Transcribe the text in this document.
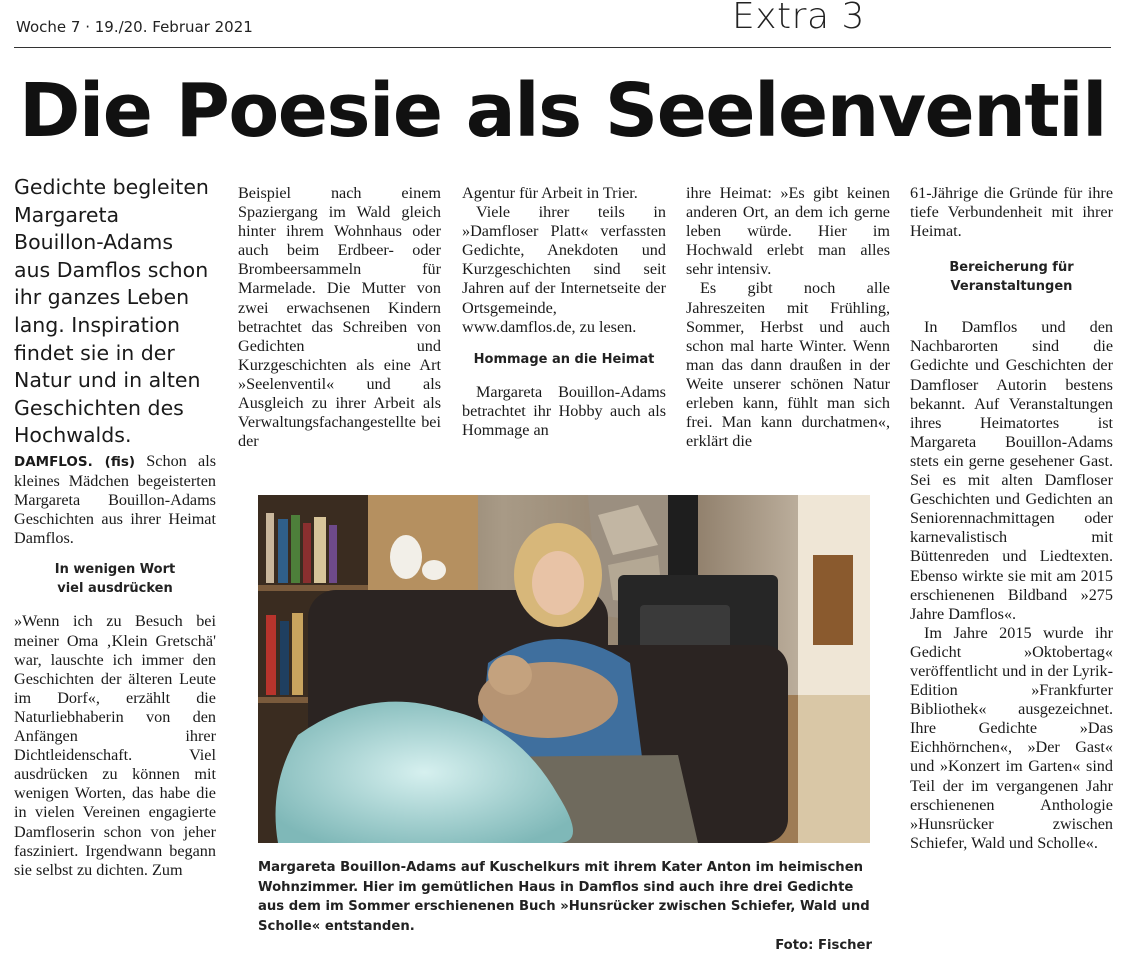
Woche 7 · 19./20. Februar 2021	Extra 3
Die Poesie als Seelenventil
Gedichte begleiten Margareta Bouillon-Adams aus Damflos schon ihr ganzes Leben lang. Inspiration findet sie in der Natur und in alten Geschichten des Hochwalds.

DAMFLOS. (fis) Schon als kleines Mädchen begeisterten Margareta Bouillon-Adams Geschichten aus ihrer Heimat Damflos.

In wenigen Wort
viel ausdrücken

»Wenn ich zu Besuch bei meiner Oma ‚Klein Gretschä' war, lauschte ich immer den Geschichten der älteren Leute im Dorf«, erzählt die Naturliebhaberin von den Anfängen ihrer Dichtleidenschaft. Viel ausdrücken zu können mit wenigen Worten, das habe die in vielen Vereinen engagierte Damfloserin schon von jeher fasziniert. Irgendwann begann sie selbst zu dichten. Zum

Beispiel nach einem Spaziergang im Wald gleich hinter ihrem Wohnhaus oder auch beim Erdbeer- oder Brombeersammeln für Marmelade. Die Mutter von zwei erwachsenen Kindern betrachtet das Schreiben von Gedichten und Kurzgeschichten als eine Art »Seelenventil« und als Ausgleich zu ihrer Arbeit als Verwaltungsfachangestellte bei der

Agentur für Arbeit in Trier.

Viele ihrer teils in »Damfloser Platt« verfassten Gedichte, Anekdoten und Kurzgeschichten sind seit Jahren auf der Internetseite der Ortsgemeinde, www.damflos.de, zu lesen.

Hommage an die Heimat

Margareta Bouillon-Adams betrachtet ihr Hobby auch als Hommage an

ihre Heimat: »Es gibt keinen anderen Ort, an dem ich gerne leben würde. Hier im Hochwald erlebt man alles sehr intensiv.

Es gibt noch alle Jahreszeiten mit Frühling, Sommer, Herbst und auch schon mal harte Winter. Wenn man das dann draußen in der Weite unserer schönen Natur erleben kann, fühlt man sich frei. Man kann durchatmen«, erklärt die

61-Jährige die Gründe für ihre tiefe Verbundenheit mit ihrer Heimat.

Bereicherung für
Veranstaltungen

In Damflos und den Nachbarorten sind die Gedichte und Geschichten der Damfloser Autorin bestens bekannt. Auf Veranstaltungen ihres Heimatortes ist Margareta Bouillon-Adams stets ein gerne gesehener Gast. Sei es mit alten Damfloser Geschichten und Gedichten an Seniorennachmittagen oder karnevalistisch mit Büttenreden und Liedtexten. Ebenso wirkte sie mit am 2015 erschienenen Bildband »275 Jahre Damflos«.

Im Jahre 2015 wurde ihr Gedicht »Oktobertag« veröffentlicht und in der Lyrik-Edition »Frankfurter Bibliothek« ausgezeichnet. Ihre Gedichte »Das Eichhörnchen«, »Der Gast« und »Konzert im Garten« sind Teil der im vergangenen Jahr erschienenen Anthologie »Hunsrücker zwischen Schiefer, Wald und Scholle«.

Margareta Bouillon-Adams auf Kuschelkurs mit ihrem Kater Anton im heimischen Wohnzimmer. Hier im gemütlichen Haus in Damflos sind auch ihre drei Gedichte aus dem im Sommer erschienenen Buch »Hunsrücker zwischen Schiefer, Wald und Scholle« entstanden.
Foto: Fischer
